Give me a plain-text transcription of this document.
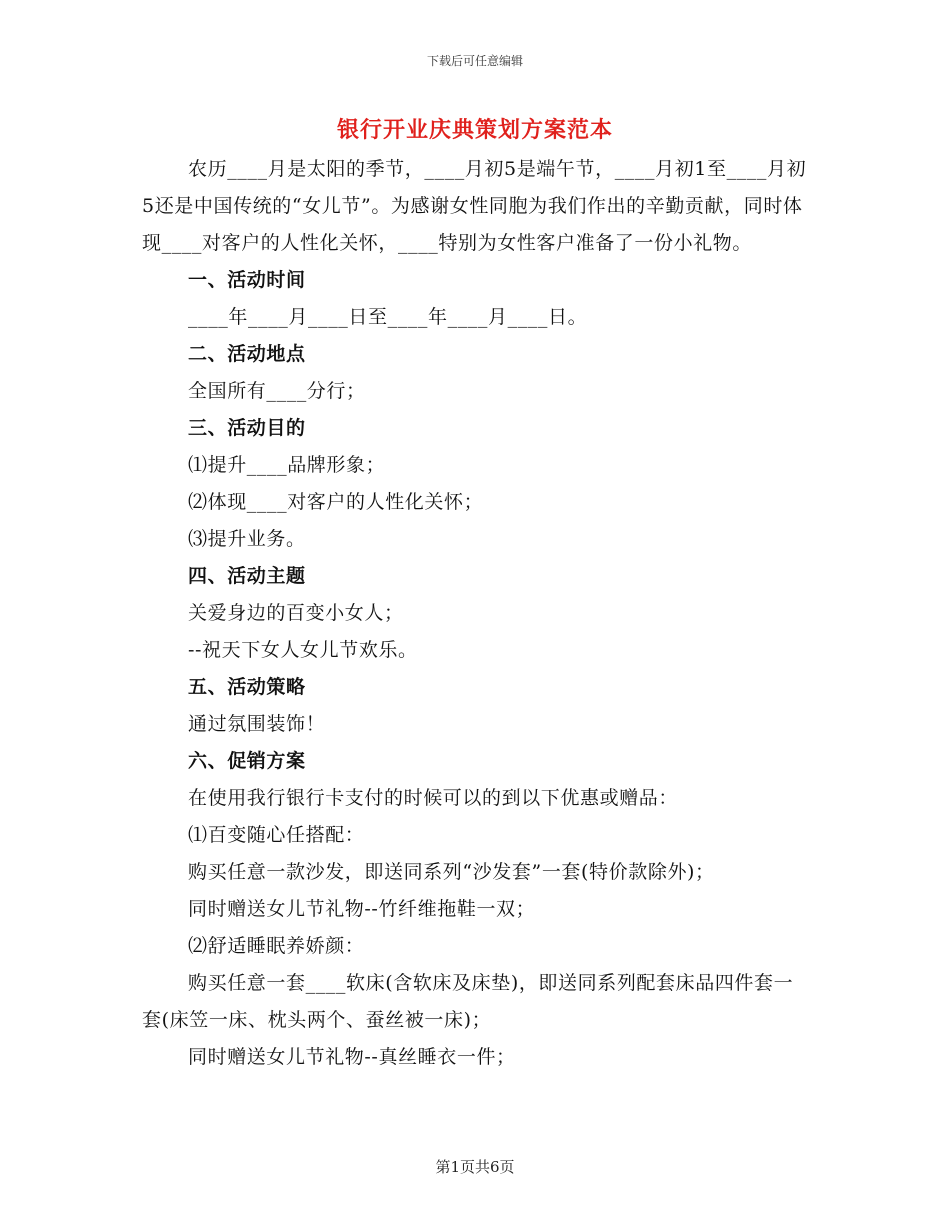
下载后可任意编辑
银行开业庆典策划方案范本

农历____月是太阳的季节，____月初5是端午节，____月初1至____月初5还是中国传统的“女儿节”。为感谢女性同胞为我们作出的辛勤贡献，同时体现____对客户的人性化关怀，____特别为女性客户准备了一份小礼物。

一、活动时间

____年____月____日至____年____月____日。

二、活动地点

全国所有____分行；

三、活动目的

⑴提升____品牌形象；

⑵体现____对客户的人性化关怀；

⑶提升业务。

四、活动主题

关爱身边的百变小女人；

--祝天下女人女儿节欢乐。

五、活动策略

通过氛围装饰！

六、促销方案

在使用我行银行卡支付的时候可以的到以下优惠或赠品：

⑴百变随心任搭配：

购买任意一款沙发，即送同系列“沙发套”一套(特价款除外)；

同时赠送女儿节礼物--竹纤维拖鞋一双；

⑵舒适睡眠养娇颜：

购买任意一套____软床(含软床及床垫)，即送同系列配套床品四件套一套(床笠一床、枕头两个、蚕丝被一床)；

同时赠送女儿节礼物--真丝睡衣一件；

第1页共6页
